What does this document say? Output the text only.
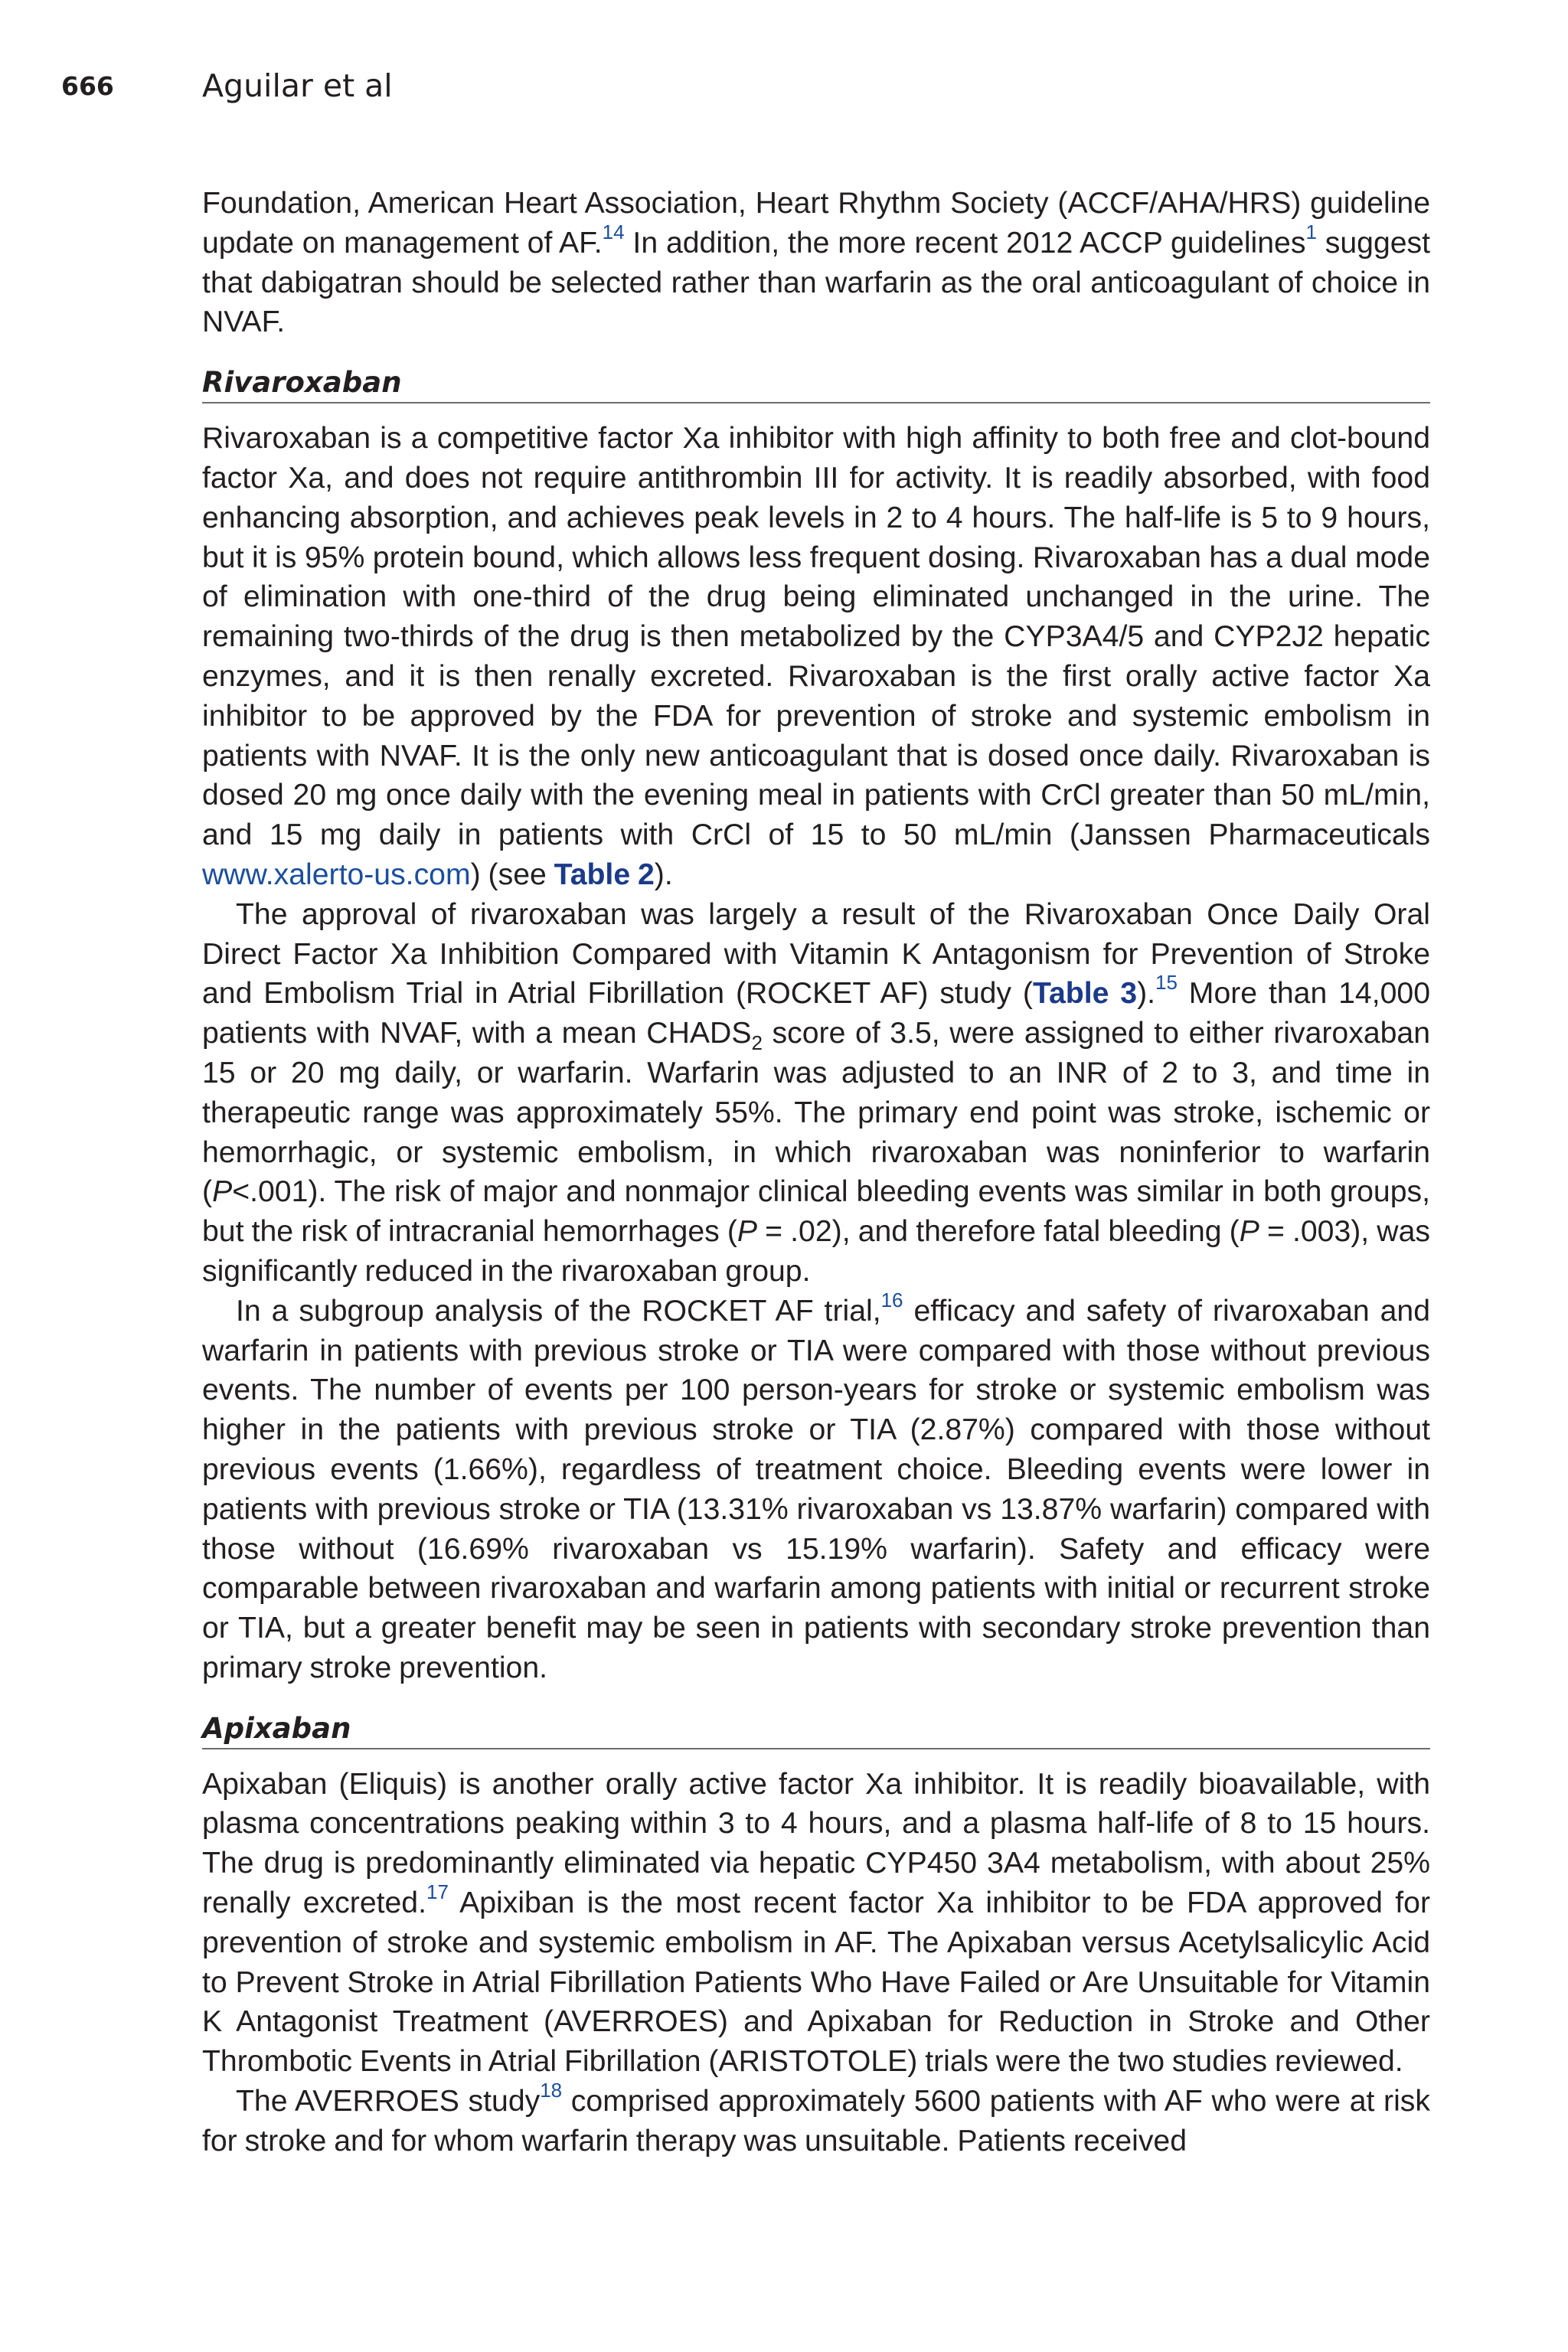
666	Aguilar et al

Foundation, American Heart Association, Heart Rhythm Society (ACCF/AHA/HRS) guideline update on management of AF.$^{14}$ In addition, the more recent 2012 ACCP guidelines$^1$ suggest that dabigatran should be selected rather than warfarin as the oral anticoagulant of choice in NVAF.

Rivaroxaban

Rivaroxaban is a competitive factor Xa inhibitor with high affinity to both free and clot-bound factor Xa, and does not require antithrombin III for activity. It is readily absorbed, with food enhancing absorption, and achieves peak levels in 2 to 4 hours. The half-life is 5 to 9 hours, but it is 95% protein bound, which allows less frequent dosing. Rivaroxaban has a dual mode of elimination with one-third of the drug being eliminated unchanged in the urine. The remaining two-thirds of the drug is then metabolized by the CYP3A4/5 and CYP2J2 hepatic enzymes, and it is then renally excreted. Rivaroxaban is the first orally active factor Xa inhibitor to be approved by the FDA for prevention of stroke and systemic embolism in patients with NVAF. It is the only new anticoagulant that is dosed once daily. Rivaroxaban is dosed 20 mg once daily with the evening meal in patients with CrCl greater than 50 mL/min, and 15 mg daily in patients with CrCl of 15 to 50 mL/min (Janssen Pharmaceuticals www.xalerto-us.com) (see Table 2).

The approval of rivaroxaban was largely a result of the Rivaroxaban Once Daily Oral Direct Factor Xa Inhibition Compared with Vitamin K Antagonism for Prevention of Stroke and Embolism Trial in Atrial Fibrillation (ROCKET AF) study (Table 3).$^{15}$ More than 14,000 patients with NVAF, with a mean $CHADS_2$ score of 3.5, were assigned to either rivaroxaban 15 or 20 mg daily, or warfarin. Warfarin was adjusted to an INR of 2 to 3, and time in therapeutic range was approximately 55%. The primary end point was stroke, ischemic or hemorrhagic, or systemic embolism, in which rivaroxaban was noninferior to warfarin (P<.001). The risk of major and nonmajor clinical bleeding events was similar in both groups, but the risk of intracranial hemorrhages (P = .02), and therefore fatal bleeding (P = .003), was significantly reduced in the rivaroxaban group.

In a subgroup analysis of the ROCKET AF trial,$^{16}$ efficacy and safety of rivaroxaban and warfarin in patients with previous stroke or TIA were compared with those without previous events. The number of events per 100 person-years for stroke or systemic embolism was higher in the patients with previous stroke or TIA (2.87%) compared with those without previous events (1.66%), regardless of treatment choice. Bleeding events were lower in patients with previous stroke or TIA (13.31% rivaroxaban vs 13.87% warfarin) compared with those without (16.69% rivaroxaban vs 15.19% warfarin). Safety and efficacy were comparable between rivaroxaban and warfarin among patients with initial or recurrent stroke or TIA, but a greater benefit may be seen in patients with secondary stroke prevention than primary stroke prevention.

Apixaban

Apixaban (Eliquis) is another orally active factor Xa inhibitor. It is readily bioavailable, with plasma concentrations peaking within 3 to 4 hours, and a plasma half-life of 8 to 15 hours. The drug is predominantly eliminated via hepatic CYP450 3A4 metabolism, with about 25% renally excreted.$^{17}$ Apixiban is the most recent factor Xa inhibitor to be FDA approved for prevention of stroke and systemic embolism in AF. The Apixaban versus Acetylsalicylic Acid to Prevent Stroke in Atrial Fibrillation Patients Who Have Failed or Are Unsuitable for Vitamin K Antagonist Treatment (AVERROES) and Apixaban for Reduction in Stroke and Other Thrombotic Events in Atrial Fibrillation (ARISTOTOLE) trials were the two studies reviewed.

The AVERROES study$^{18}$ comprised approximately 5600 patients with AF who were at risk for stroke and for whom warfarin therapy was unsuitable. Patients received
